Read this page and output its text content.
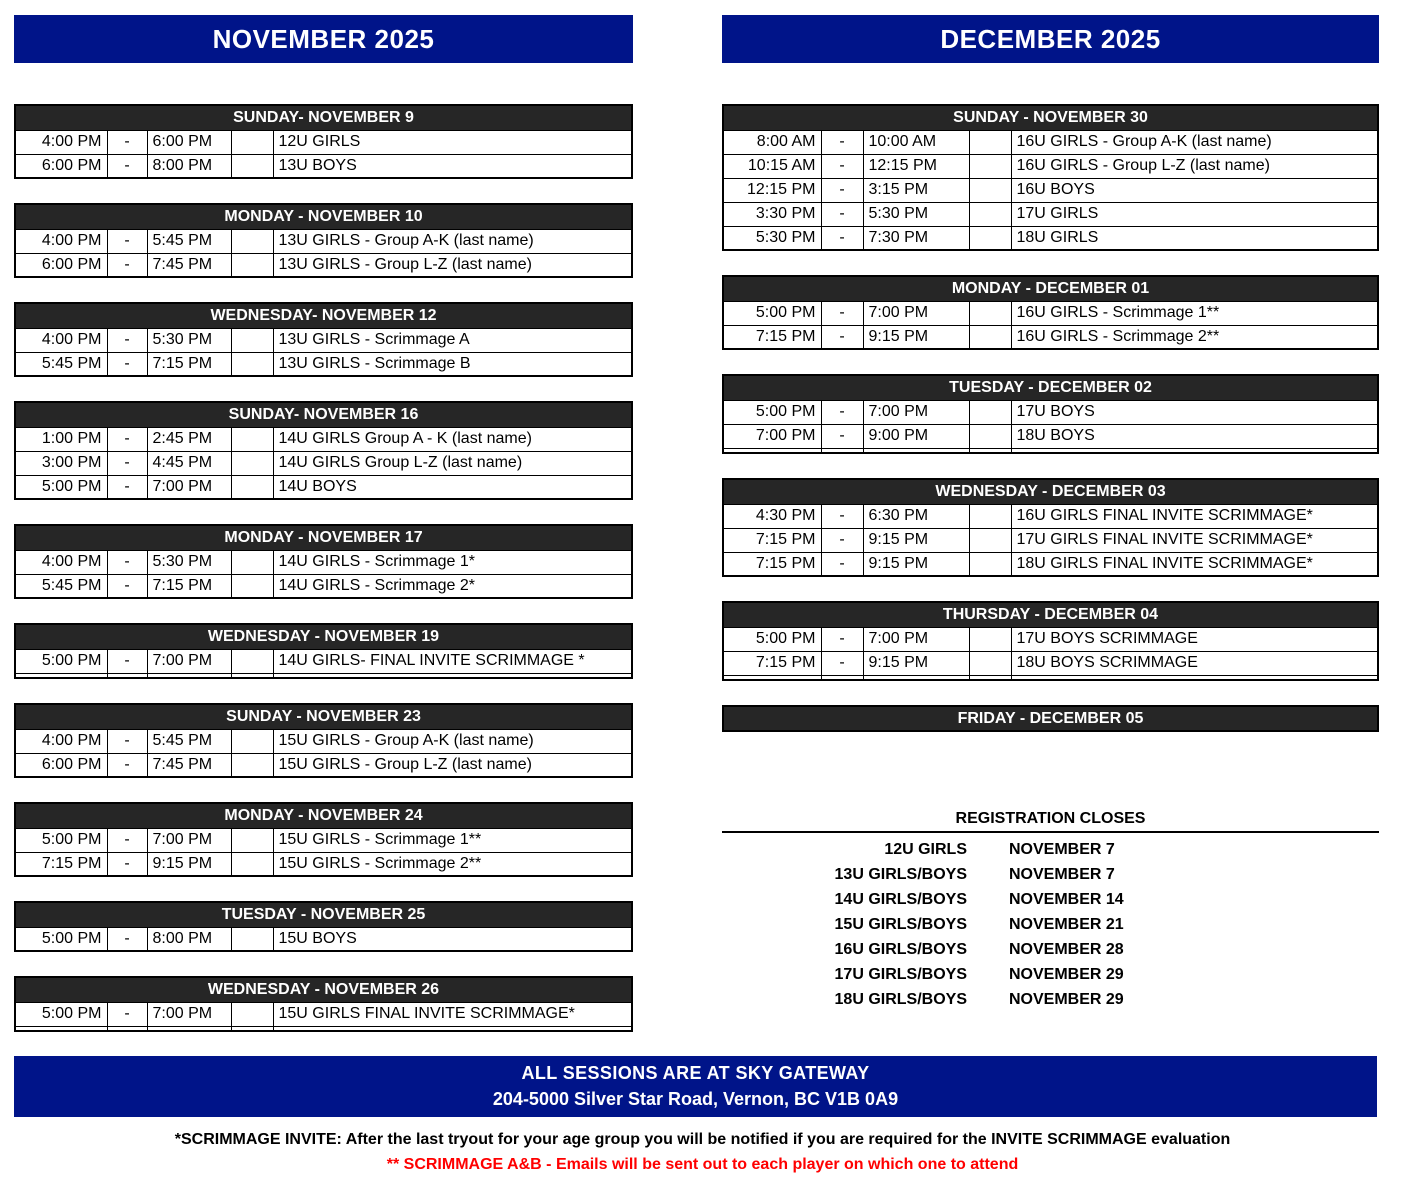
NOVEMBER 2025
SUNDAY- NOVEMBER 9				
4:00 PM	-	6:00 PM		12U GIRLS
6:00 PM	-	8:00 PM		13U BOYS
MONDAY - NOVEMBER 10				
4:00 PM	-	5:45 PM		13U GIRLS - Group A-K (last name)
6:00 PM	-	7:45 PM		13U GIRLS - Group L-Z (last name)
WEDNESDAY- NOVEMBER 12				
4:00 PM	-	5:30 PM		13U GIRLS - Scrimmage A
5:45 PM	-	7:15 PM		13U GIRLS - Scrimmage B
SUNDAY- NOVEMBER 16				
1:00 PM	-	2:45 PM		14U GIRLS Group A - K (last name)
3:00 PM	-	4:45 PM		14U GIRLS Group L-Z (last name)
5:00 PM	-	7:00 PM		14U BOYS
MONDAY - NOVEMBER 17				
4:00 PM	-	5:30 PM		14U GIRLS - Scrimmage 1*
5:45 PM	-	7:15 PM		14U GIRLS - Scrimmage 2*
WEDNESDAY - NOVEMBER 19				
5:00 PM	-	7:00 PM		14U GIRLS- FINAL INVITE SCRIMMAGE *

SUNDAY - NOVEMBER 23				
4:00 PM	-	5:45 PM		15U GIRLS - Group A-K (last name)
6:00 PM	-	7:45 PM		15U GIRLS - Group L-Z (last name)
MONDAY - NOVEMBER 24				
5:00 PM	-	7:00 PM		15U GIRLS - Scrimmage 1**
7:15 PM	-	9:15 PM		15U GIRLS - Scrimmage 2**
TUESDAY - NOVEMBER 25
5:00 PM	-	8:00 PM		15U BOYS
WEDNESDAY - NOVEMBER 26				
5:00 PM	-	7:00 PM		15U GIRLS FINAL INVITE SCRIMMAGE*

DECEMBER 2025
SUNDAY - NOVEMBER 30				
8:00 AM	-	10:00 AM		16U GIRLS - Group A-K (last name)
10:15 AM	-	12:15 PM		16U GIRLS - Group L-Z (last name)
12:15 PM	-	3:15 PM		16U BOYS
3:30 PM	-	5:30 PM		17U GIRLS
5:30 PM	-	7:30 PM		18U GIRLS
MONDAY - DECEMBER 01				
5:00 PM	-	7:00 PM		16U GIRLS - Scrimmage 1**
7:15 PM	-	9:15 PM		16U GIRLS - Scrimmage 2**
TUESDAY - DECEMBER 02				
5:00 PM	-	7:00 PM		17U BOYS
7:00 PM	-	9:00 PM		18U BOYS

WEDNESDAY - DECEMBER 03				
4:30 PM	-	6:30 PM		16U GIRLS FINAL INVITE SCRIMMAGE*
7:15 PM	-	9:15 PM		17U GIRLS FINAL INVITE SCRIMMAGE*
7:15 PM	-	9:15 PM		18U GIRLS FINAL INVITE SCRIMMAGE*
THURSDAY - DECEMBER 04				
5:00 PM	-	7:00 PM		17U BOYS SCRIMMAGE
7:15 PM	-	9:15 PM		18U BOYS SCRIMMAGE

FRIDAY - DECEMBER 05
REGISTRATION CLOSES
12U GIRLS	NOVEMBER 7
13U GIRLS/BOYS	NOVEMBER 7
14U GIRLS/BOYS	NOVEMBER 14
15U GIRLS/BOYS	NOVEMBER 21
16U GIRLS/BOYS	NOVEMBER 28
17U GIRLS/BOYS	NOVEMBER 29
18U GIRLS/BOYS	NOVEMBER 29
ALL SESSIONS ARE AT SKY GATEWAY
204-5000 Silver Star Road, Vernon, BC V1B 0A9
*SCRIMMAGE INVITE: After the last tryout for your age group you will be notified if you are required for the INVITE SCRIMMAGE evaluation
** SCRIMMAGE A&B - Emails will be sent out to each player on which one to attend
